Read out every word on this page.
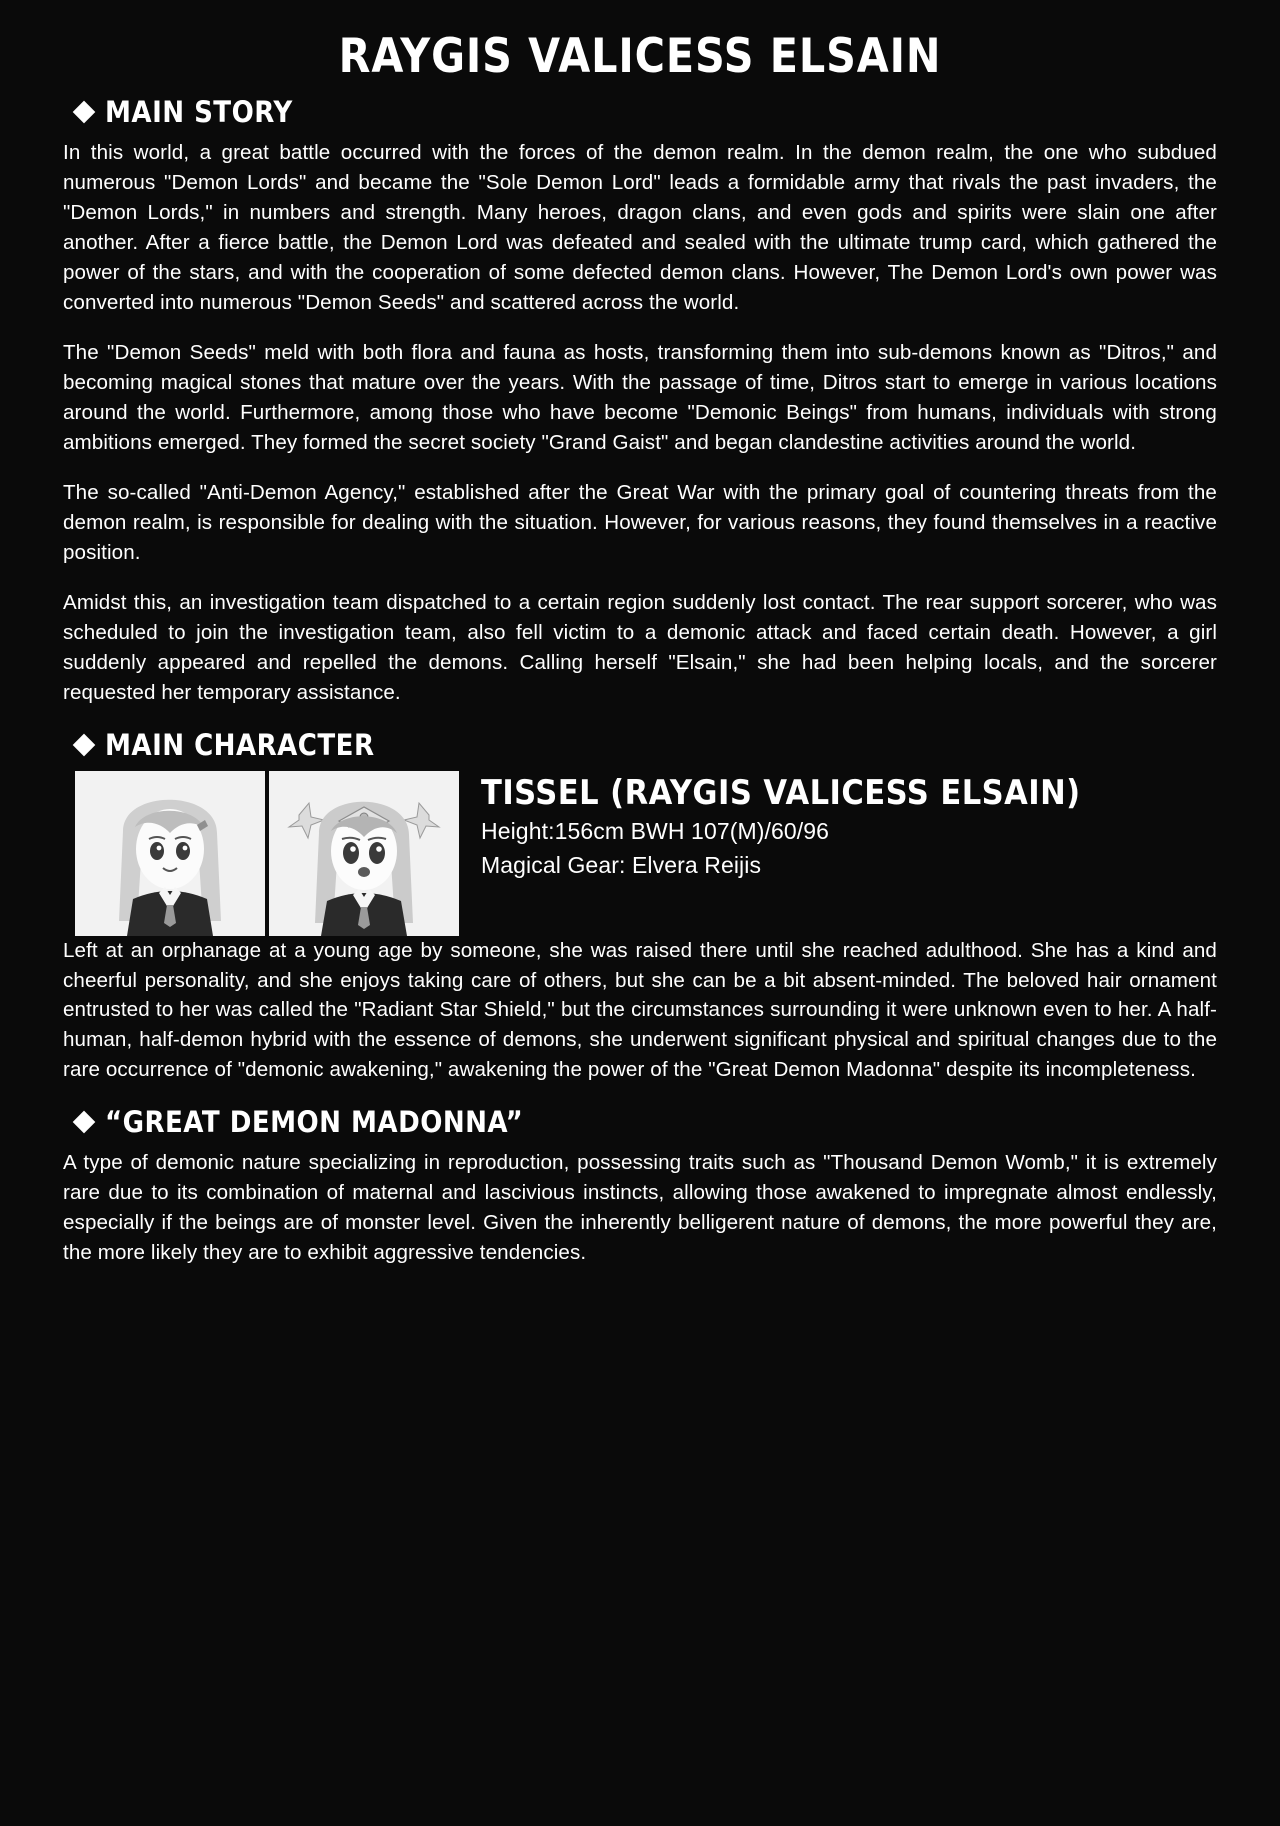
RAYGIS VALICESS ELSAIN
MAIN STORY

In this world, a great battle occurred with the forces of the demon realm. In the demon realm, the one who subdued numerous "Demon Lords" and became the "Sole Demon Lord" leads a formidable army that rivals the past invaders, the "Demon Lords," in numbers and strength. Many heroes, dragon clans, and even gods and spirits were slain one after another. After a fierce battle, the Demon Lord was defeated and sealed with the ultimate trump card, which gathered the power of the stars, and with the cooperation of some defected demon clans. However, The Demon Lord's own power was converted into numerous "Demon Seeds" and scattered across the world.

The "Demon Seeds" meld with both flora and fauna as hosts, transforming them into sub-demons known as "Ditros," and becoming magical stones that mature over the years. With the passage of time, Ditros start to emerge in various locations around the world. Furthermore, among those who have become "Demonic Beings" from humans, individuals with strong ambitions emerged. They formed the secret society "Grand Gaist" and began clandestine activities around the world.

The so-called "Anti-Demon Agency," established after the Great War with the primary goal of countering threats from the demon realm, is responsible for dealing with the situation. However, for various reasons, they found themselves in a reactive position.

Amidst this, an investigation team dispatched to a certain region suddenly lost contact. The rear support sorcerer, who was scheduled to join the investigation team, also fell victim to a demonic attack and faced certain death. However, a girl suddenly appeared and repelled the demons. Calling herself "Elsain," she had been helping locals, and the sorcerer requested her temporary assistance.

MAIN CHARACTER
TISSEL (RAYGIS VALICESS ELSAIN)
Height:156cm BWH 107(M)/60/96
Magical Gear: Elvera Reijis

Left at an orphanage at a young age by someone, she was raised there until she reached adulthood. She has a kind and cheerful personality, and she enjoys taking care of others, but she can be a bit absent-minded. The beloved hair ornament entrusted to her was called the "Radiant Star Shield," but the circumstances surrounding it were unknown even to her. A half-human, half-demon hybrid with the essence of demons, she underwent significant physical and spiritual changes due to the rare occurrence of "demonic awakening," awakening the power of the "Great Demon Madonna" despite its incompleteness.

“GREAT DEMON MADONNA”

A type of demonic nature specializing in reproduction, possessing traits such as "Thousand Demon Womb," it is extremely rare due to its combination of maternal and lascivious instincts, allowing those awakened to impregnate almost endlessly, especially if the beings are of monster level. Given the inherently belligerent nature of demons, the more powerful they are, the more likely they are to exhibit aggressive tendencies.
